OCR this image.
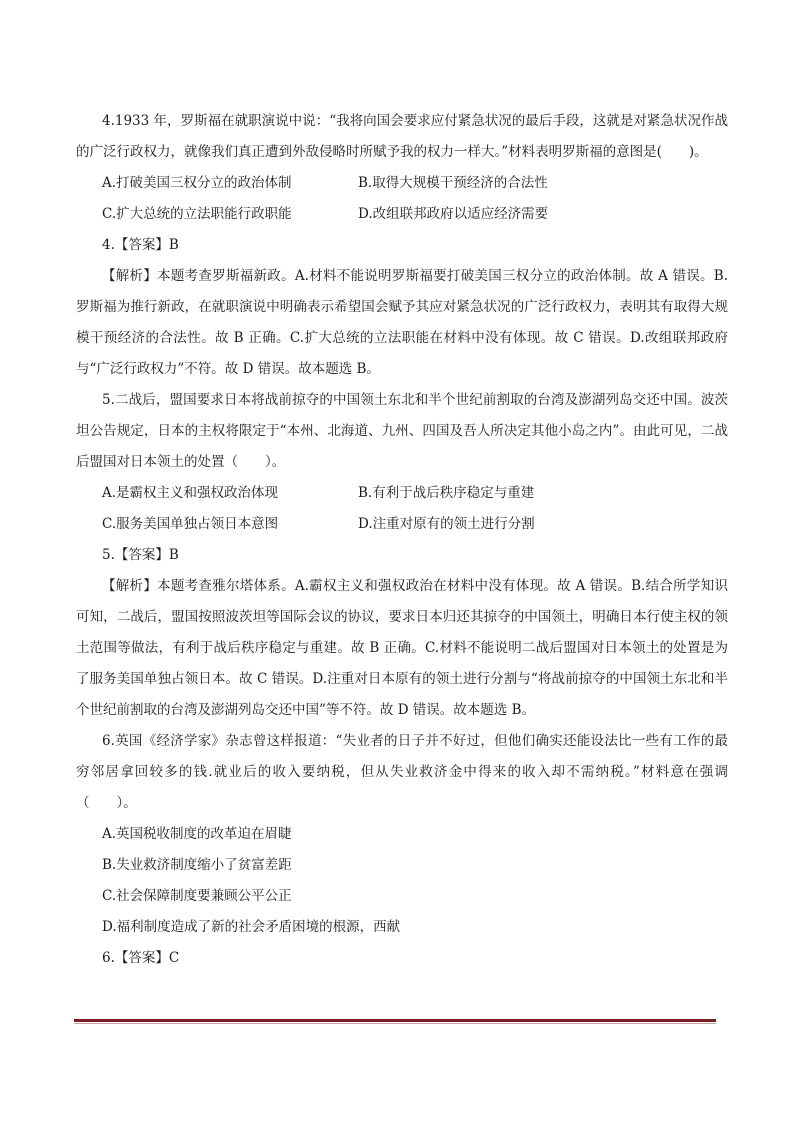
4.1933 年，罗斯福在就职演说中说：“我将向国会要求应付紧急状况的最后手段，这就是对紧急状况作战的广泛行政权力，就像我们真正遭到外敌侵略时所赋予我的权力一样大。”材料表明罗斯福的意图是(　　)。

A.打破美国三权分立的政治体制	B.取得大规模干预经济的合法性
C.扩大总统的立法职能行政职能	D.改组联邦政府以适应经济需要

4.【答案】B

【解析】本题考查罗斯福新政。A.材料不能说明罗斯福要打破美国三权分立的政治体制。故 A 错误。B.罗斯福为推行新政，在就职演说中明确表示希望国会赋予其应对紧急状况的广泛行政权力，表明其有取得大规模干预经济的合法性。故 B 正确。C.扩大总统的立法职能在材料中没有体现。故 C 错误。D.改组联邦政府与“广泛行政权力”不符。故 D 错误。故本题选 B。

5.二战后，盟国要求日本将战前掠夺的中国领土东北和半个世纪前割取的台湾及澎湖列岛交还中国。波茨坦公告规定，日本的主权将限定于“本州、北海道、九州、四国及吾人所决定其他小岛之内”。由此可见，二战后盟国对日本领土的处置（　　）。

A.是霸权主义和强权政治体现	B.有利于战后秩序稳定与重建
C.服务美国单独占领日本意图	D.注重对原有的领土进行分割

5.【答案】B

【解析】本题考查雅尔塔体系。A.霸权主义和强权政治在材料中没有体现。故 A 错误。B.结合所学知识可知，二战后，盟国按照波茨坦等国际会议的协议，要求日本归还其掠夺的中国领土，明确日本行使主权的领土范围等做法，有利于战后秩序稳定与重建。故 B 正确。C.材料不能说明二战后盟国对日本领土的处置是为了服务美国单独占领日本。故 C 错误。D.注重对日本原有的领土进行分割与“将战前掠夺的中国领土东北和半个世纪前割取的台湾及澎湖列岛交还中国”等不符。故 D 错误。故本题选 B。

6.英国《经济学家》杂志曾这样报道：“失业者的日子并不好过，但他们确实还能设法比一些有工作的最穷邻居拿回较多的钱.就业后的收入要纳税，但从失业救济金中得来的收入却不需纳税。”材料意在强调（　　）。

A.英国税收制度的改革迫在眉睫

B.失业救济制度缩小了贫富差距

C.社会保障制度要兼顾公平公正

D.福利制度造成了新的社会矛盾困境的根源，西献

6.【答案】C
